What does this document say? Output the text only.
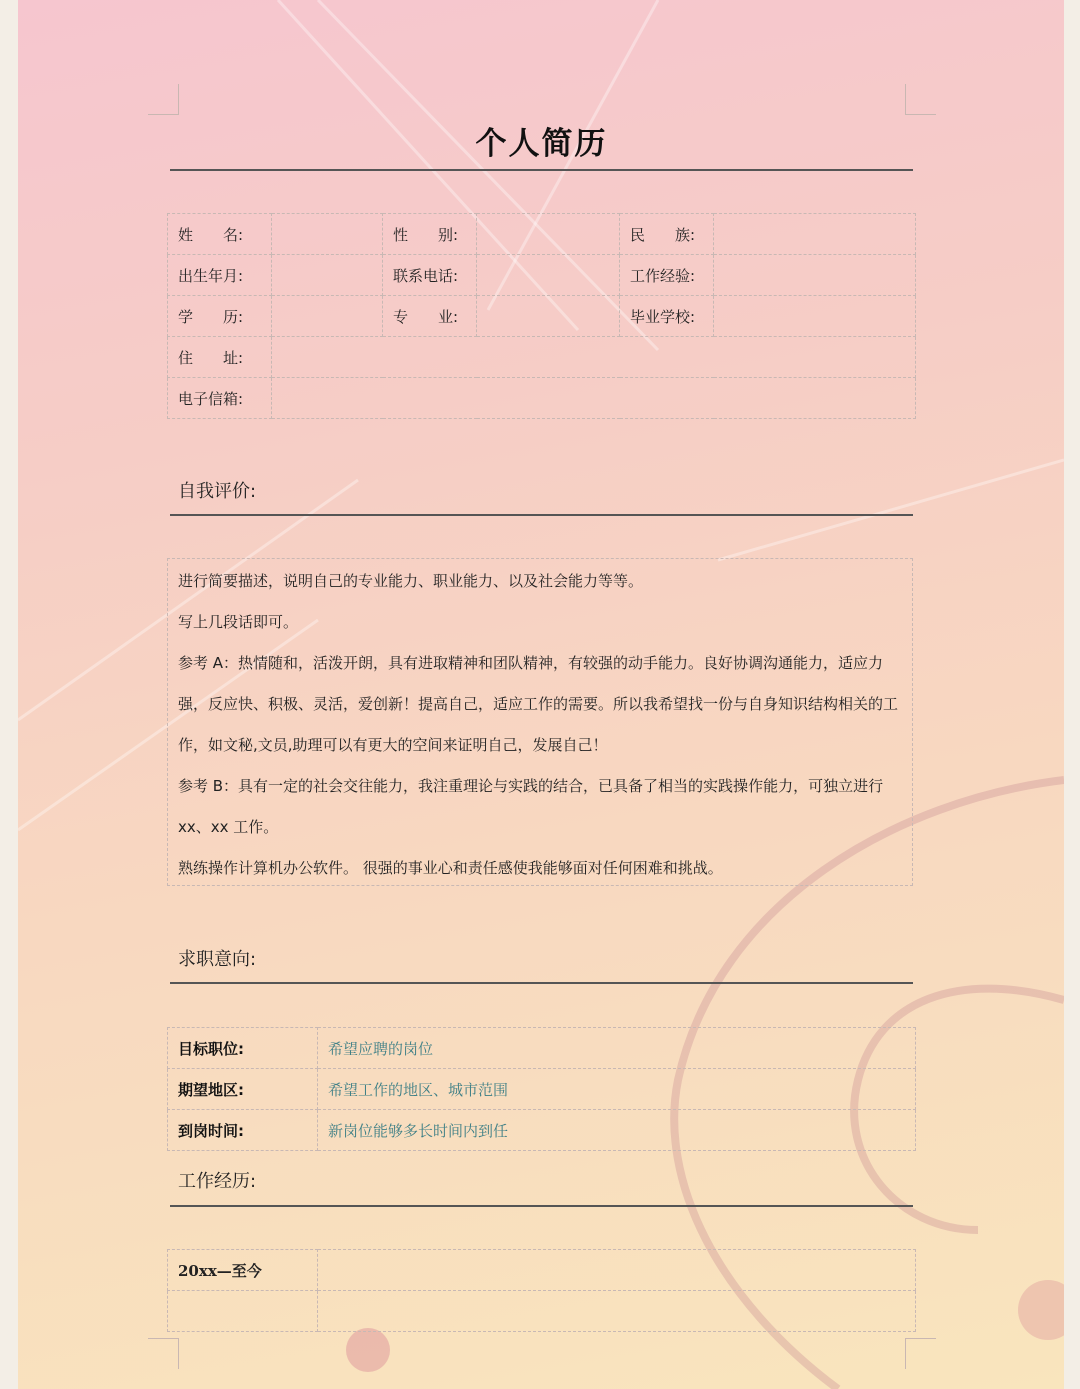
个人简历
姓　　名:		性　　别:		民　　族:	
出生年月:		联系电话:		工作经验:	
学　　历:		专　　业:		毕业学校:	
住　　址:					
电子信箱:					
自我评价:

进行简要描述，说明自己的专业能力、职业能力、以及社会能力等等。

写上几段话即可。

参考 A：热情随和，活泼开朗，具有进取精神和团队精神，有较强的动手能力。良好协调沟通能力，适应力强，反应快、积极、灵活，爱创新！提高自己，适应工作的需要。所以我希望找一份与自身知识结构相关的工作，如文秘,文员,助理可以有更大的空间来证明自己，发展自己！

参考 B：具有一定的社会交往能力，我注重理论与实践的结合，已具备了相当的实践操作能力，可独立进行 xx、xx 工作。

熟练操作计算机办公软件。 很强的事业心和责任感使我能够面对任何困难和挑战。

求职意向:
目标职位:	希望应聘的岗位
期望地区:	希望工作的地区、城市范围
到岗时间:	新岗位能够多长时间内到任
工作经历:
20xx—至今	
